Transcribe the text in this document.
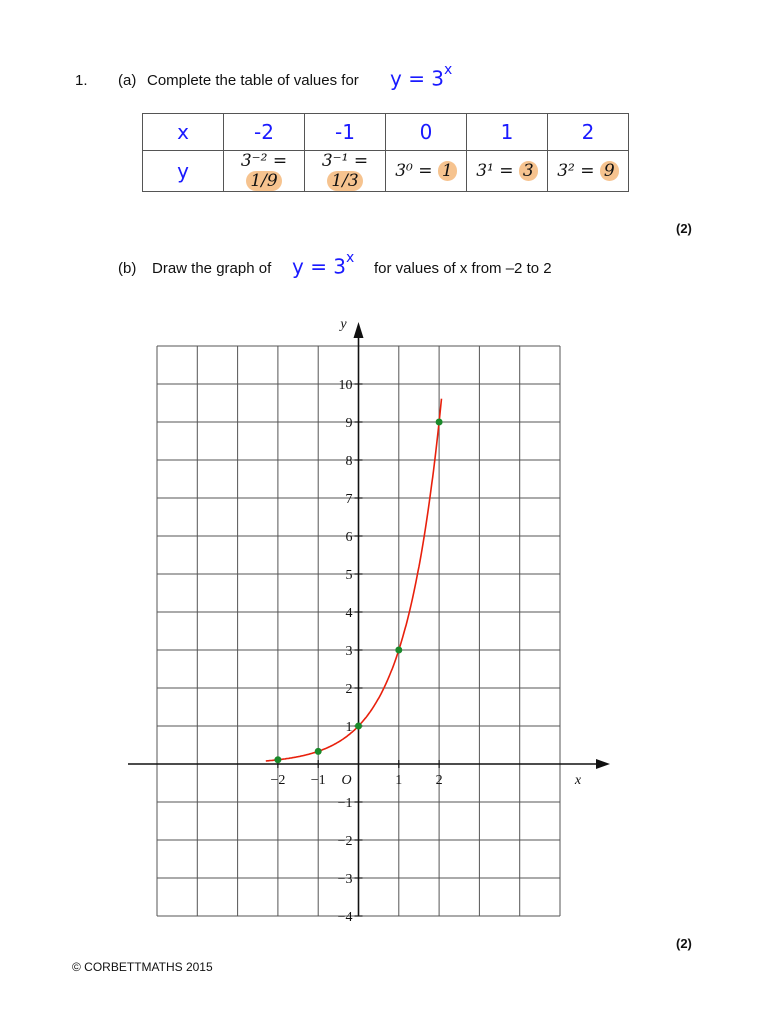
1. (a) Complete the table of values for $y = 3^x$
x	-2	-1	0	1	2
y	3⁻² = 1/9	3⁻¹ = 1/3	3⁰ = 1	3¹ = 3	3² = 9
(2)
(b) Draw the graph of $y = 3^x$
for values of x from –2 to 2
y
x
O
−2 −1	1 2
10
9
8
7
6
5
4
3
2
1
−1
−2
−3
−4
(2)
© CORBETTMATHS 2015
